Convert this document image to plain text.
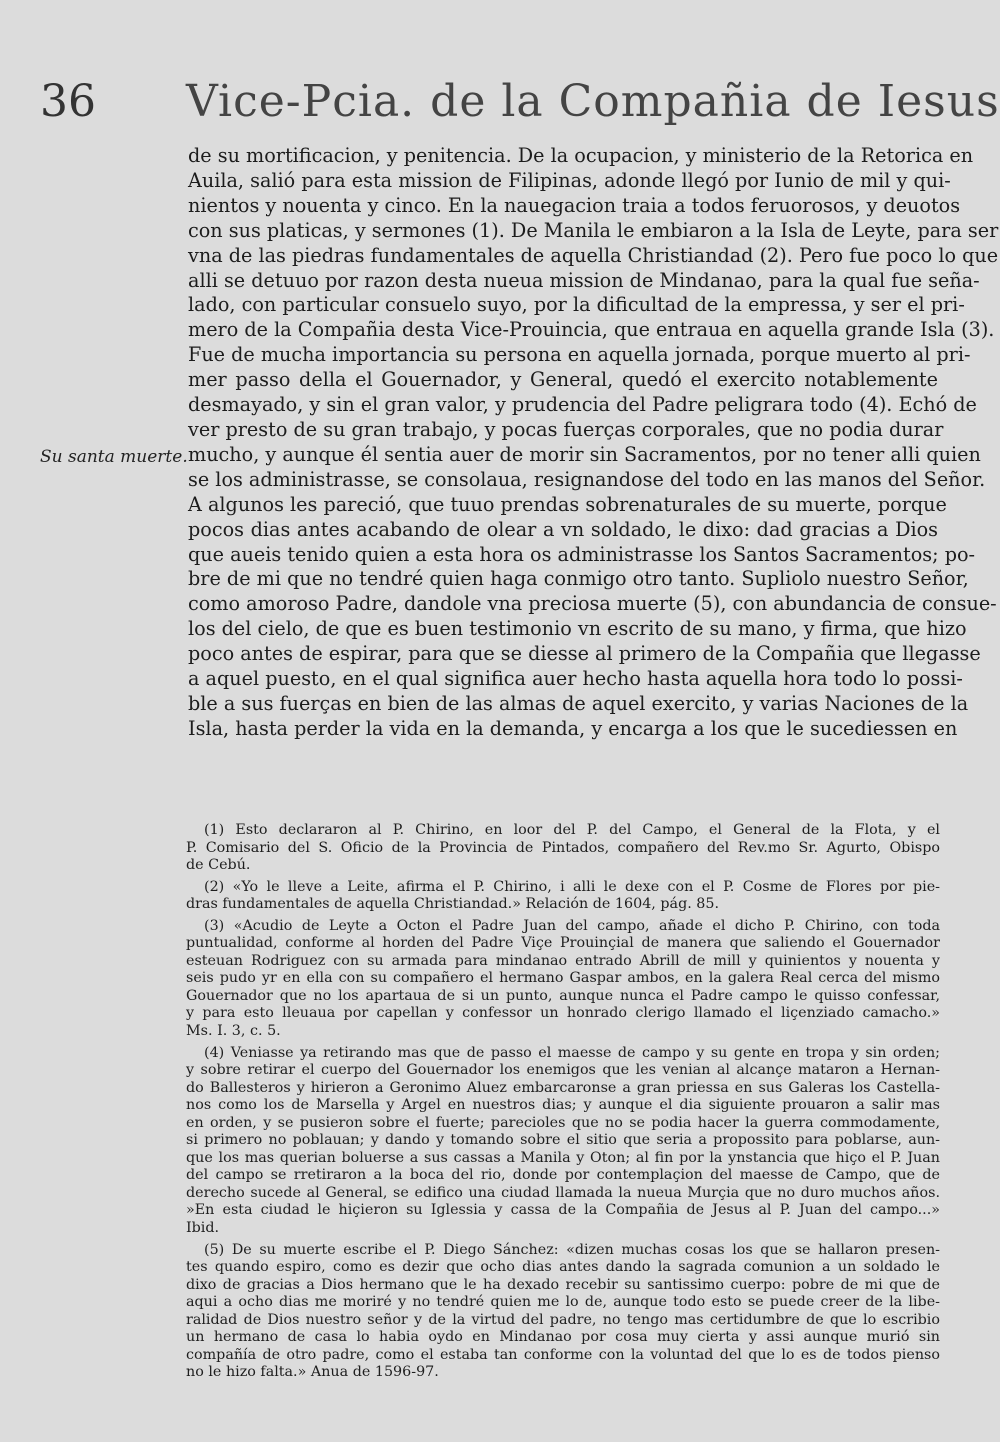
36 Vice-Pcia. de la Compañia de Iesus
Su santa muerte.
de su mortificacion, y penitencia. De la ocupacion, y ministerio de la Retorica en
Auila, salió para esta mission de Filipinas, adonde llegó por Iunio de mil y qui-
nientos y nouenta y cinco. En la nauegacion traia a todos feruorosos, y deuotos
con sus platicas, y sermones (1). De Manila le embiaron a la Isla de Leyte, para ser
vna de las piedras fundamentales de aquella Christiandad (2). Pero fue poco lo que
alli se detuuo por razon desta nueua mission de Mindanao, para la qual fue seña-
lado, con particular consuelo suyo, por la dificultad de la empressa, y ser el pri-
mero de la Compañia desta Vice-Prouincia, que entraua en aquella grande Isla (3).
Fue de mucha importancia su persona en aquella jornada, porque muerto al pri-
mer passo della el Gouernador, y General, quedó el exercito notablemente
desmayado, y sin el gran valor, y prudencia del Padre peligrara todo (4). Echó de
ver presto de su gran trabajo, y pocas fuerças corporales, que no podia durar
mucho, y aunque él sentia auer de morir sin Sacramentos, por no tener alli quien
se los administrasse, se consolaua, resignandose del todo en las manos del Señor.
A algunos les pareció, que tuuo prendas sobrenaturales de su muerte, porque
pocos dias antes acabando de olear a vn soldado, le dixo: dad gracias a Dios
que aueis tenido quien a esta hora os administrasse los Santos Sacramentos; po-
bre de mi que no tendré quien haga conmigo otro tanto. Supliolo nuestro Señor,
como amoroso Padre, dandole vna preciosa muerte (5), con abundancia de consue-
los del cielo, de que es buen testimonio vn escrito de su mano, y firma, que hizo
poco antes de espirar, para que se diesse al primero de la Compañia que llegasse
a aquel puesto, en el qual significa auer hecho hasta aquella hora todo lo possi-
ble a sus fuerças en bien de las almas de aquel exercito, y varias Naciones de la
Isla, hasta perder la vida en la demanda, y encarga a los que le sucediessen en
(1) Esto declararon al P. Chirino, en loor del P. del Campo, el General de la Flota, y el
P. Comisario del S. Oficio de la Provincia de Pintados, compañero del Rev.mo Sr. Agurto, Obispo
de Cebú.
(2) «Yo le lleve a Leite, afirma el P. Chirino, i alli le dexe con el P. Cosme de Flores por pie-
dras fundamentales de aquella Christiandad.» Relación de 1604, pág. 85.
(3) «Acudio de Leyte a Octon el Padre Juan del campo, añade el dicho P. Chirino, con toda
puntualidad, conforme al horden del Padre Viçe Prouinçial de manera que saliendo el Gouernador
esteuan Rodriguez con su armada para mindanao entrado Abrill de mill y quinientos y nouenta y
seis pudo yr en ella con su compañero el hermano Gaspar ambos, en la galera Real cerca del mismo
Gouernador que no los apartaua de si un punto, aunque nunca el Padre campo le quisso confessar,
y para esto lleuaua por capellan y confessor un honrado clerigo llamado el liçenziado camacho.»
Ms. I. 3, c. 5.
(4) Veniasse ya retirando mas que de passo el maesse de campo y su gente en tropa y sin orden;
y sobre retirar el cuerpo del Gouernador los enemigos que les venian al alcançe mataron a Hernan-
do Ballesteros y hirieron a Geronimo Aluez embarcaronse a gran priessa en sus Galeras los Castella-
nos como los de Marsella y Argel en nuestros dias; y aunque el dia siguiente prouaron a salir mas
en orden, y se pusieron sobre el fuerte; parecioles que no se podia hacer la guerra commodamente,
si primero no poblauan; y dando y tomando sobre el sitio que seria a propossito para poblarse, aun-
que los mas querian boluerse a sus cassas a Manila y Oton; al fin por la ynstancia que hiço el P. Juan
del campo se rretiraron a la boca del rio, donde por contemplaçion del maesse de Campo, que de
derecho sucede al General, se edifico una ciudad llamada la nueua Murçia que no duro muchos años.
»En esta ciudad le hiçieron su Iglessia y cassa de la Compañia de Jesus al P. Juan del campo...»
Ibid.
(5) De su muerte escribe el P. Diego Sánchez: «dizen muchas cosas los que se hallaron presen-
tes quando espiro, como es dezir que ocho dias antes dando la sagrada comunion a un soldado le
dixo de gracias a Dios hermano que le ha dexado recebir su santissimo cuerpo: pobre de mi que de
aqui a ocho dias me moriré y no tendré quien me lo de, aunque todo esto se puede creer de la libe-
ralidad de Dios nuestro señor y de la virtud del padre, no tengo mas certidumbre de que lo escribio
un hermano de casa lo habia oydo en Mindanao por cosa muy cierta y assi aunque murió sin
compañía de otro padre, como el estaba tan conforme con la voluntad del que lo es de todos pienso
no le hizo falta.» Anua de 1596-97.
